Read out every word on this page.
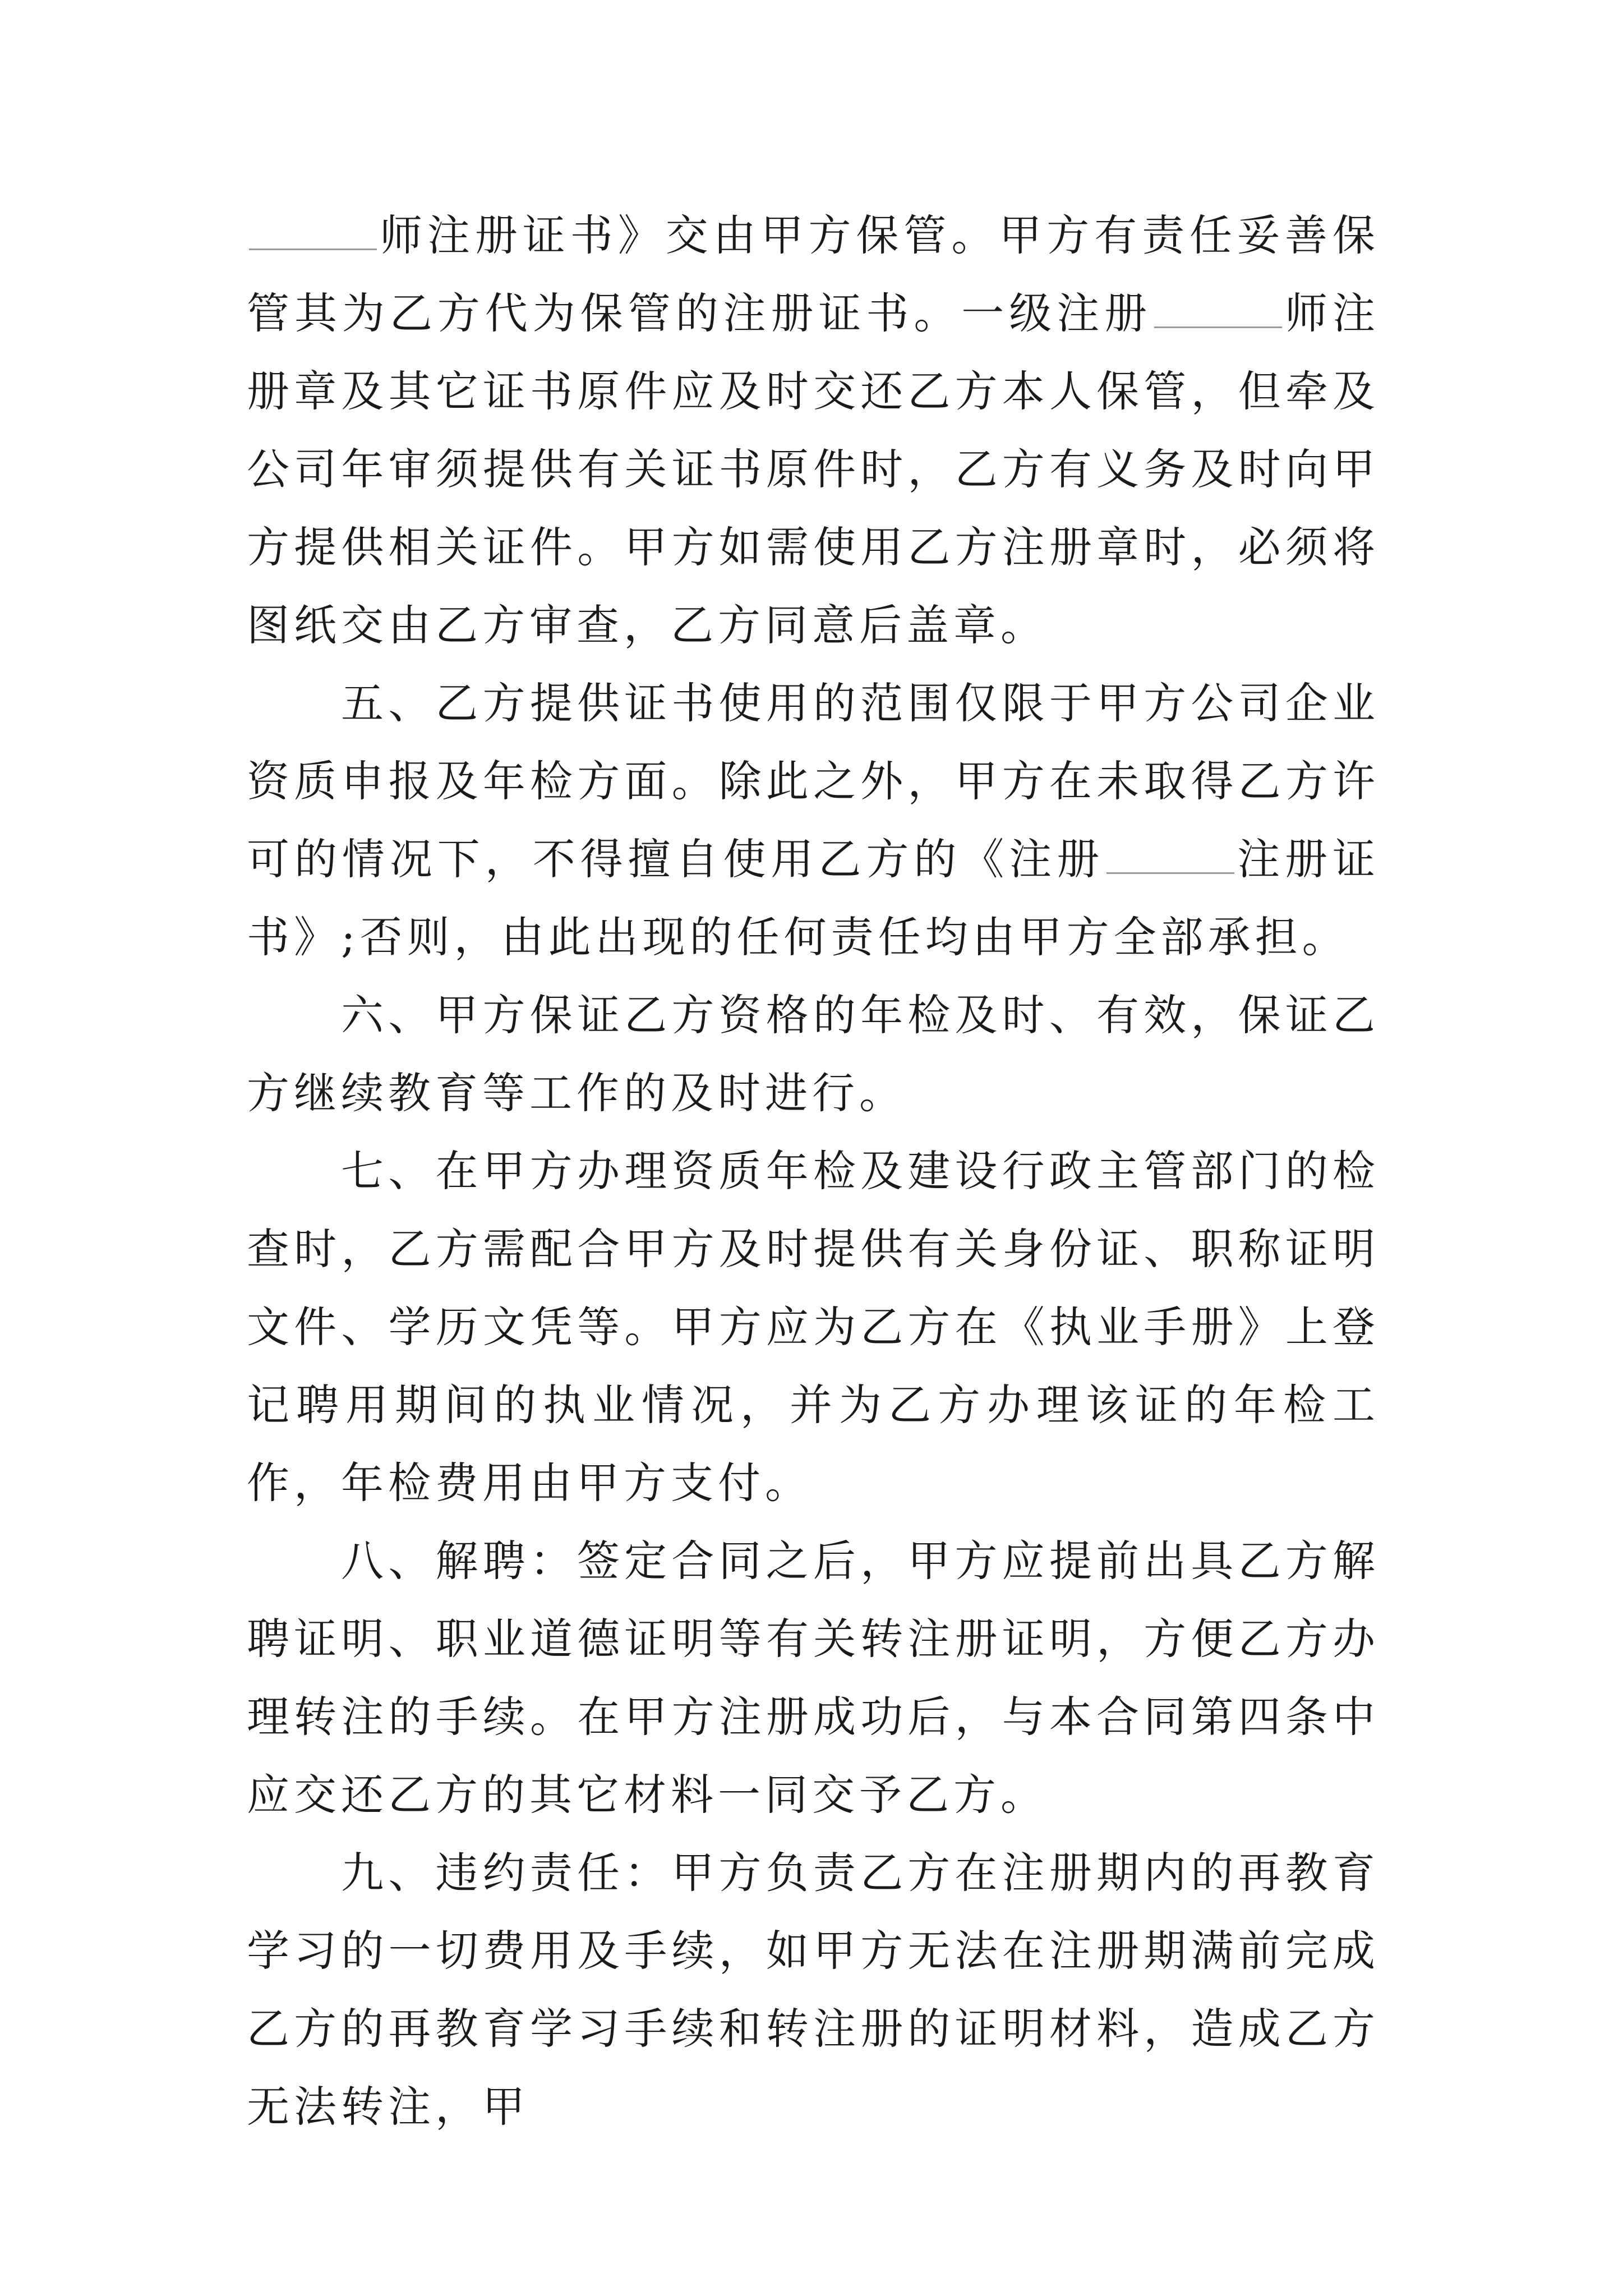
师注册证书》交由甲方保管。甲方有责任妥善保管其为乙方代为保管的注册证书。一级注册	师注册章及其它证书原件应及时交还乙方本人保管，但牵及公司年审须提供有关证书原件时，乙方有义务及时向甲方提供相关证件。甲方如需使用乙方注册章时，必须将图纸交由乙方审查，乙方同意后盖章。

五、乙方提供证书使用的范围仅限于甲方公司企业资质申报及年检方面。除此之外，甲方在未取得乙方许可的情况下，不得擅自使用乙方的《注册	注册证书》;否则，由此出现的任何责任均由甲方全部承担。

六、甲方保证乙方资格的年检及时、有效，保证乙方继续教育等工作的及时进行。

七、在甲方办理资质年检及建设行政主管部门的检查时，乙方需配合甲方及时提供有关身份证、职称证明文件、学历文凭等。甲方应为乙方在《执业手册》上登记聘用期间的执业情况，并为乙方办理该证的年检工作，年检费用由甲方支付。

八、解聘：签定合同之后，甲方应提前出具乙方解聘证明、职业道德证明等有关转注册证明，方便乙方办理转注的手续。在甲方注册成功后，与本合同第四条中应交还乙方的其它材料一同交予乙方。

九、违约责任：甲方负责乙方在注册期内的再教育学习的一切费用及手续，如甲方无法在注册期满前完成乙方的再教育学习手续和转注册的证明材料，造成乙方无法转注，甲
